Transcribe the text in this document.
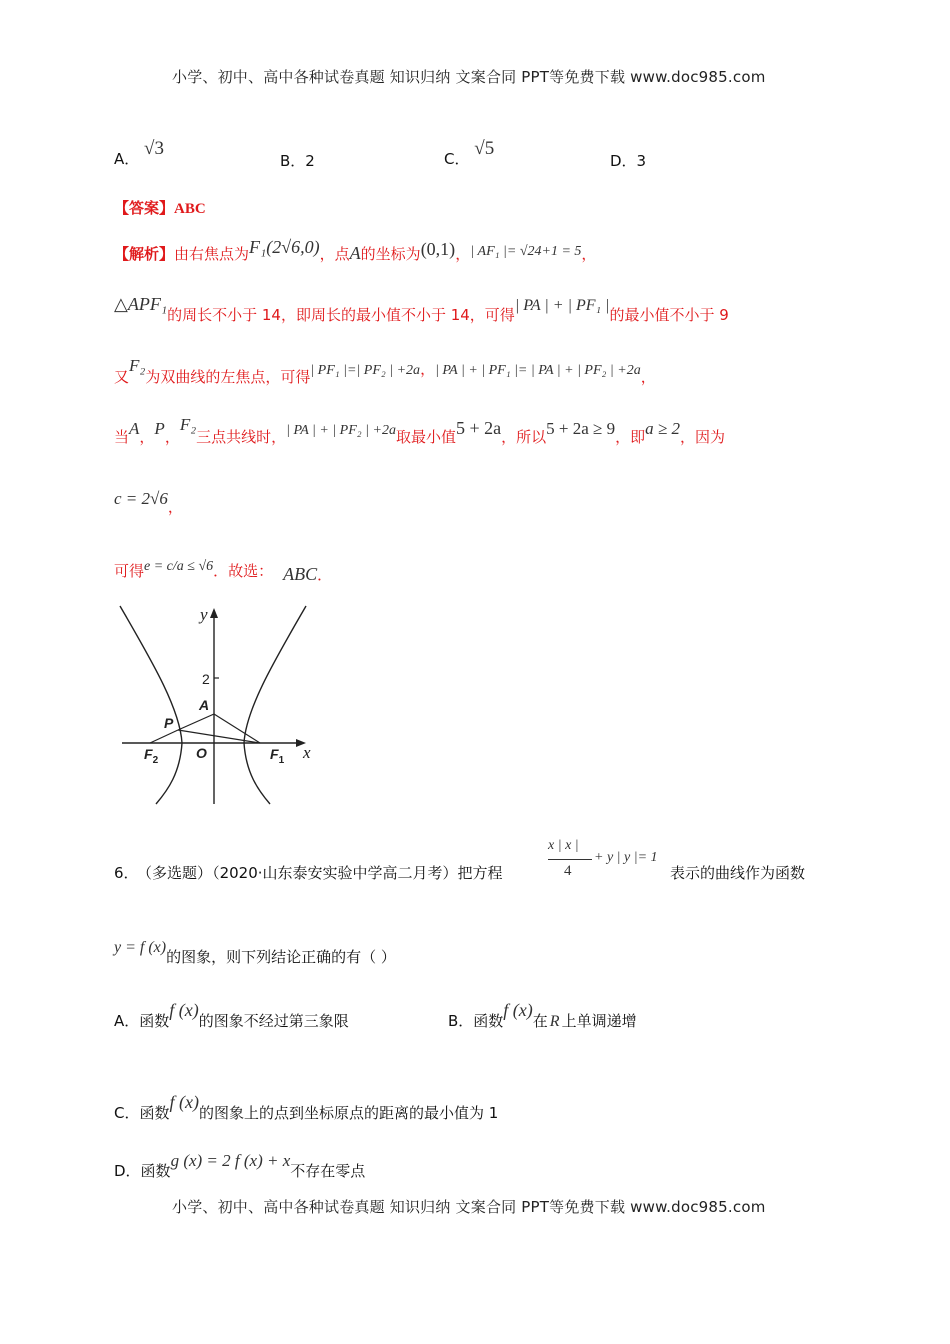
小学、初中、高中各种试卷真题 知识归纳 文案合同 PPT等免费下载 www.doc985.com
A． √3
B．2	C． √5
D．3
【答案】ABC
【解析】由右焦点为F₁(2√6,0)，点A的坐标为(0,1)，| AF₁ |= √24+1 = 5，
△APF₁的周长不小于 14，即周长的最小值不小于 14，可得| PA | + | PF₁ |的最小值不小于 9
又F₂为双曲线的左焦点，可得| PF₁ |=| PF₂ | +2a，| PA | + | PF₁ |= | PA | + | PF₂ | +2a，
当A，P，F₂三点共线时，| PA | + | PF₂ | +2a取最小值5 + 2a，所以5 + 2a ≥ 9，即a ≥ 2，因为
c = 2√6，
可得e = c/a ≤ √6．故选： ABC．
y
x
2
A
P
O
$F_2$	$F_1$
6． （多选题）（2020·山东泰安实验中学高二月考）把方程
x | x |
4
+ y | y |= 1
表示的曲线作为函数
y = f (x)的图象，则下列结论正确的有（ ）
A．函数f (x)的图象不经过第三象限	B．函数f (x)在 R 上单调递增
C．函数f (x)的图象上的点到坐标原点的距离的最小值为 1
D．函数g (x) = 2 f (x) + x不存在零点
小学、初中、高中各种试卷真题 知识归纳 文案合同 PPT等免费下载 www.doc985.com
